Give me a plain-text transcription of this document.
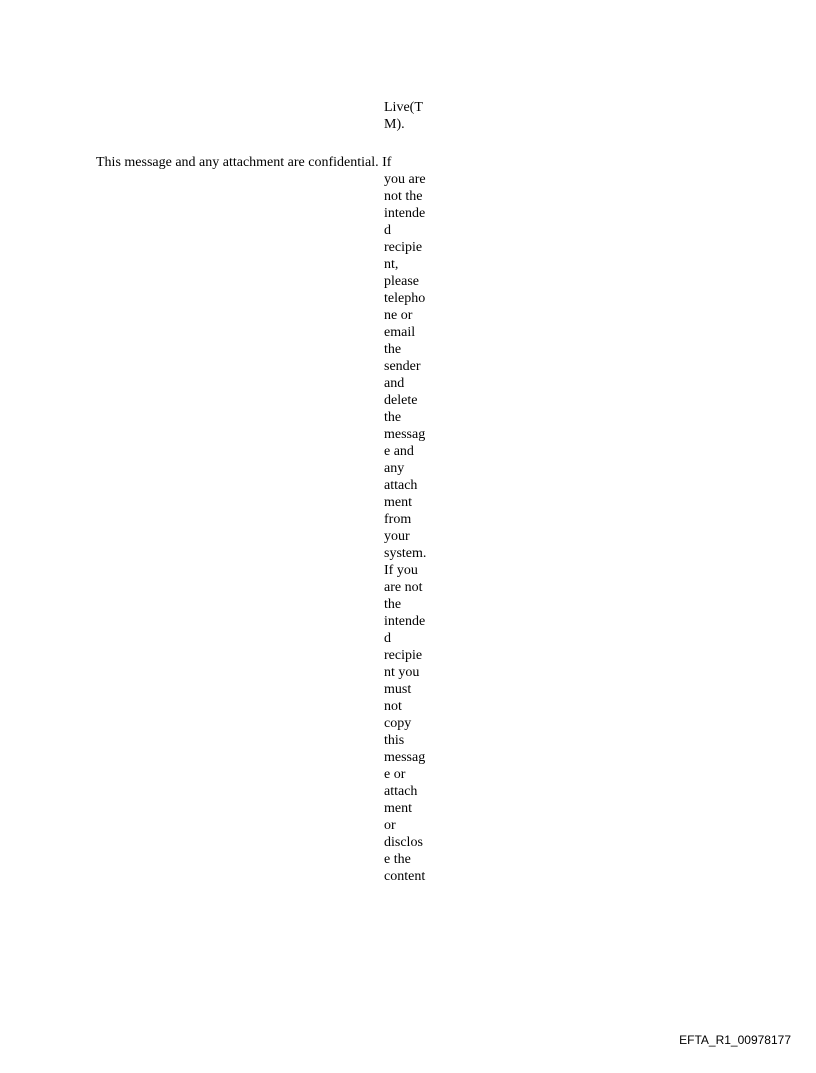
Live(T
M).
This message and any attachment are confidential. If
you are
not the
intende
d
recipie
nt,
please
telepho
ne or
email
the
sender
and
delete
the
messag
e and
any
attach
ment
from
your
system.
If you
are not
the
intende
d
recipie
nt you
must
not
copy
this
messag
e or
attach
ment
or
disclos
e the
content
EFTA_R1_00978177
